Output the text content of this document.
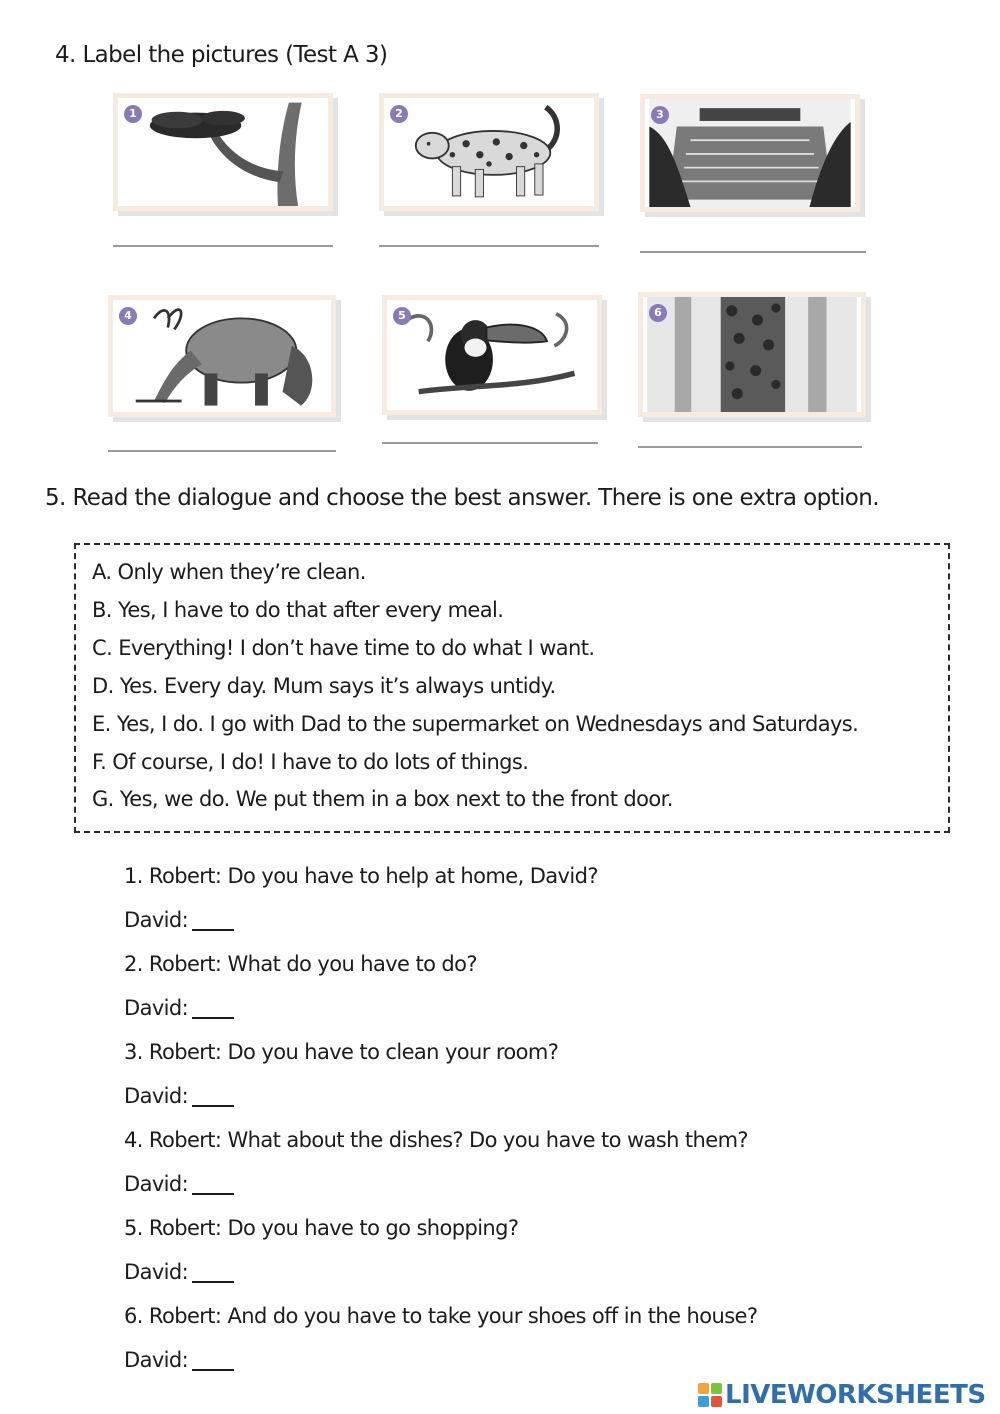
4. Label the pictures (Test A 3)
1	2	3
4	5	6
5. Read the dialogue and choose the best answer. There is one extra option.
A. Only when they’re clean.
B. Yes, I have to do that after every meal.
C. Everything! I don’t have time to do what I want.
D. Yes. Every day. Mum says it’s always untidy.
E. Yes, I do. I go with Dad to the supermarket on Wednesdays and Saturdays.
F. Of course, I do! I have to do lots of things.
G. Yes, we do. We put them in a box next to the front door.
1. Robert: Do you have to help at home, David?
David:
2. Robert: What do you have to do?
David:
3. Robert: Do you have to clean your room?
David:
4. Robert: What about the dishes? Do you have to wash them?
David:
5. Robert: Do you have to go shopping?
David:
6. Robert: And do you have to take your shoes off in the house?
David:
LIVEWORKSHEETS
